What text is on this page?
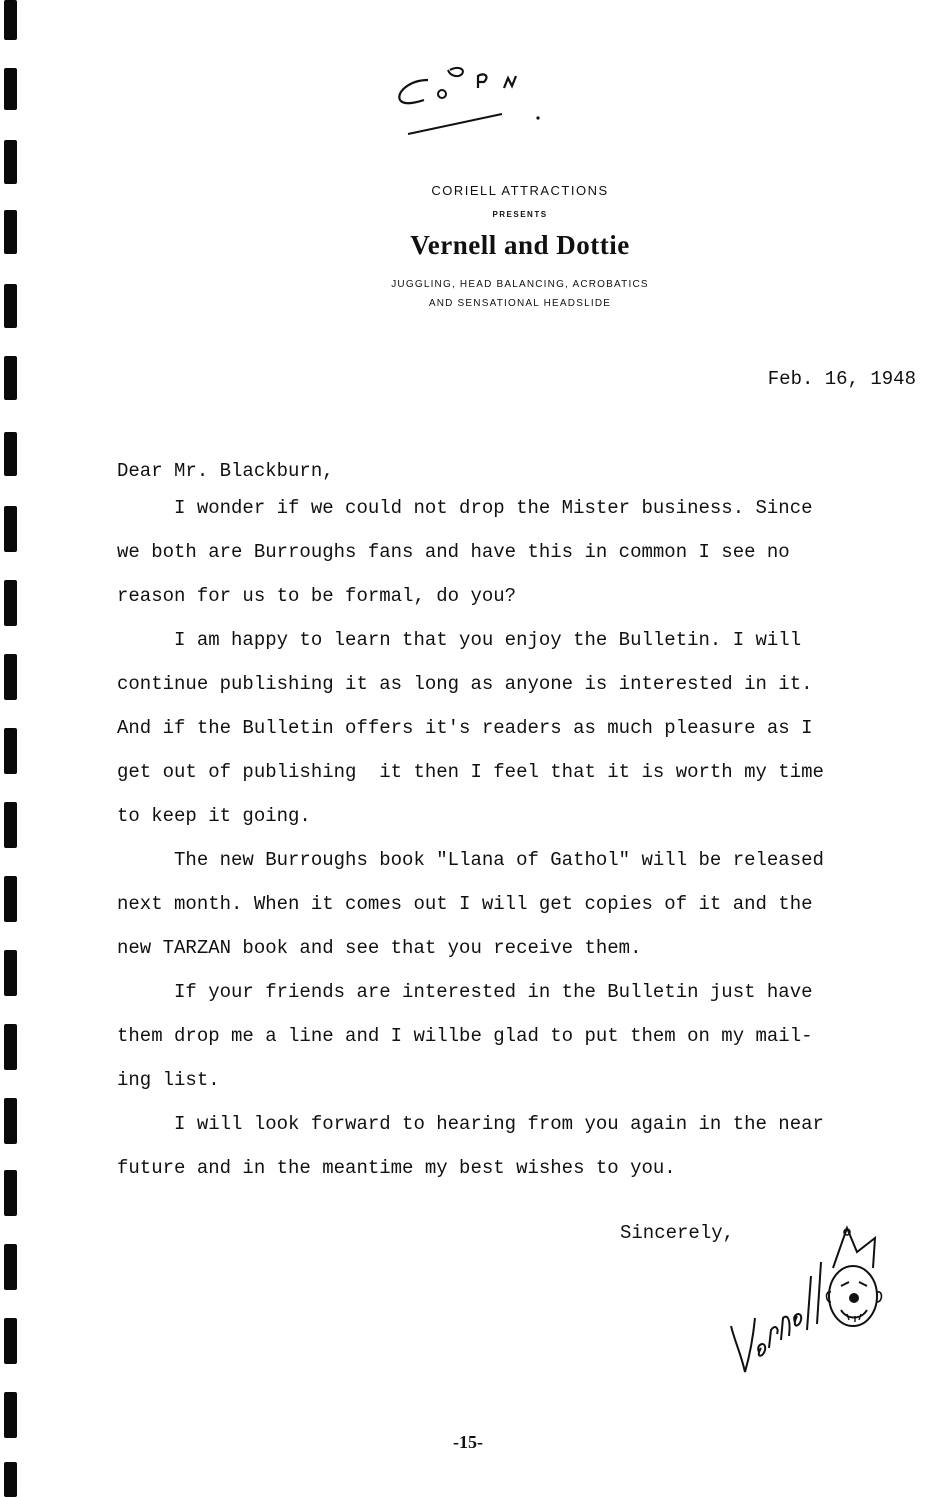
CORIELL ATTRACTIONS
PRESENTS
Vernell and Dottie
JUGGLING, HEAD BALANCING, ACROBATICS
AND SENSATIONAL HEADSLIDE
Feb. 16, 1948
Dear Mr. Blackburn,
I wonder if we could not drop the Mister business. Since
we both are Burroughs fans and have this in common I see no
reason for us to be formal, do you?
I am happy to learn that you enjoy the Bulletin. I will
continue publishing it as long as anyone is interested in it.
And if the Bulletin offers it's readers as much pleasure as I
get out of publishing  it then I feel that it is worth my time
to keep it going.
The new Burroughs book "Llana of Gathol" will be released
next month. When it comes out I will get copies of it and the
new TARZAN book and see that you receive them.
If your friends are interested in the Bulletin just have
them drop me a line and I willbe glad to put them on my mail-
ing list.
I will look forward to hearing from you again in the near
future and in the meantime my best wishes to you.
Sincerely,
-15-
